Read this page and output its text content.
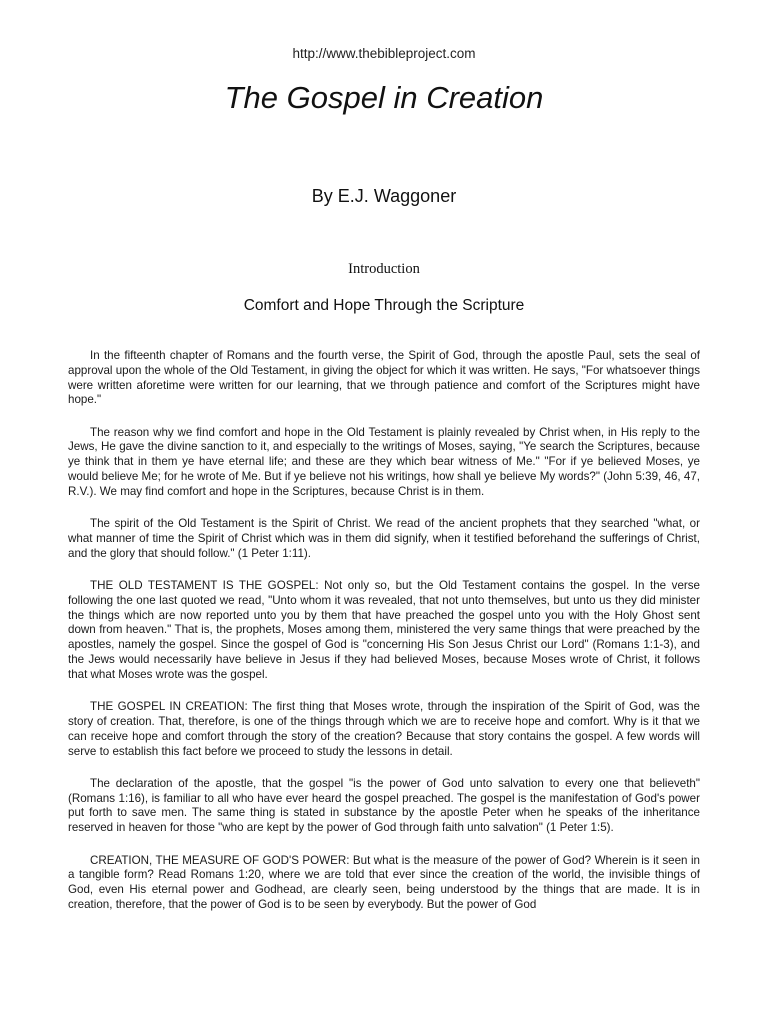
http://www.thebibleproject.com
The Gospel in Creation
By E.J. Waggoner
Introduction
Comfort and Hope Through the Scripture

In the fifteenth chapter of Romans and the fourth verse, the Spirit of God, through the apostle Paul, sets the seal of approval upon the whole of the Old Testament, in giving the object for which it was written. He says, "For whatsoever things were written aforetime were written for our learning, that we through patience and comfort of the Scriptures might have hope."

The reason why we find comfort and hope in the Old Testament is plainly revealed by Christ when, in His reply to the Jews, He gave the divine sanction to it, and especially to the writings of Moses, saying, "Ye search the Scriptures, because ye think that in them ye have eternal life; and these are they which bear witness of Me." "For if ye believed Moses, ye would believe Me; for he wrote of Me. But if ye believe not his writings, how shall ye believe My words?" (John 5:39, 46, 47, R.V.). We may find comfort and hope in the Scriptures, because Christ is in them.

The spirit of the Old Testament is the Spirit of Christ. We read of the ancient prophets that they searched "what, or what manner of time the Spirit of Christ which was in them did signify, when it testified beforehand the sufferings of Christ, and the glory that should follow." (1 Peter 1:11).

THE OLD TESTAMENT IS THE GOSPEL: Not only so, but the Old Testament contains the gospel. In the verse following the one last quoted we read, "Unto whom it was revealed, that not unto themselves, but unto us they did minister the things which are now reported unto you by them that have preached the gospel unto you with the Holy Ghost sent down from heaven." That is, the prophets, Moses among them, ministered the very same things that were preached by the apostles, namely the gospel. Since the gospel of God is "concerning His Son Jesus Christ our Lord" (Romans 1:1-3), and the Jews would necessarily have believe in Jesus if they had believed Moses, because Moses wrote of Christ, it follows that what Moses wrote was the gospel.

THE GOSPEL IN CREATION: The first thing that Moses wrote, through the inspiration of the Spirit of God, was the story of creation. That, therefore, is one of the things through which we are to receive hope and comfort. Why is it that we can receive hope and comfort through the story of the creation? Because that story contains the gospel. A few words will serve to establish this fact before we proceed to study the lessons in detail.

The declaration of the apostle, that the gospel "is the power of God unto salvation to every one that believeth" (Romans 1:16), is familiar to all who have ever heard the gospel preached. The gospel is the manifestation of God's power put forth to save men. The same thing is stated in substance by the apostle Peter when he speaks of the inheritance reserved in heaven for those "who are kept by the power of God through faith unto salvation" (1 Peter 1:5).

CREATION, THE MEASURE OF GOD'S POWER: But what is the measure of the power of God? Wherein is it seen in a tangible form? Read Romans 1:20, where we are told that ever since the creation of the world, the invisible things of God, even His eternal power and Godhead, are clearly seen, being understood by the things that are made. It is in creation, therefore, that the power of God is to be seen by everybody. But the power of God
